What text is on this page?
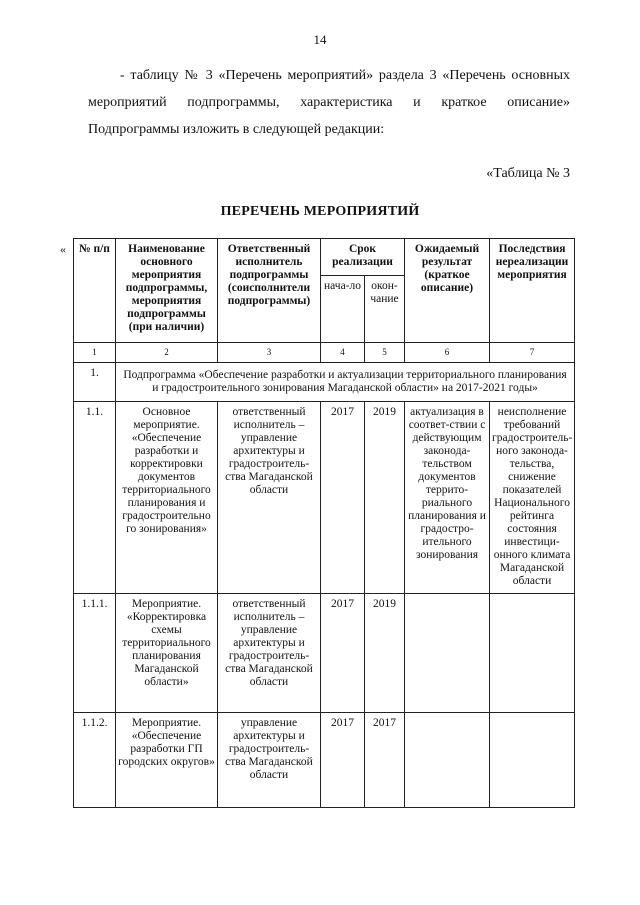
14
- таблицу № 3 «Перечень мероприятий» раздела 3 «Перечень основных мероприятий подпрограммы, характеристика и краткое описание» Подпрограммы изложить в следующей редакции:
«Таблица № 3
ПЕРЕЧЕНЬ МЕРОПРИЯТИЙ
« № п/п	Наименование основного мероприятия подпрограммы, мероприятия подпрограммы (при наличии)	Ответственный исполнитель подпрограммы (соисполнители подпрограммы)	Срок реализации		Ожидаемый результат (краткое описание)	Последствия нереализации мероприятия
			нача-ло	окон-чание		
1	2	3	4	5	6	7
1.	Подпрограмма «Обеспечение разработки и актуализации территориального планирования и градостроительного зонирования Магаданской области» на 2017-2021 годы»					
1.1.	Основное мероприятие. «Обеспечение разработки и корректировки документов территориального планирования и градостроительно го зонирования»	ответственный исполнитель – управление архитектуры и градостроитель-ства Магаданской области	2017	2019	актуализация в соответ-ствии с действующим законода-тельством документов террито-риального планирования и градостро-ительного зонирования	неисполнение требований градостроитель-ного законода-тельства, снижение показателей Национального рейтинга состояния инвестици-онного климата Магаданской области
1.1.1.	Мероприятие. «Корректировка схемы территориального планирования Магаданской области»	ответственный исполнитель – управление архитектуры и градостроитель-ства Магаданской области	2017	2019		
1.1.2.	Мероприятие. «Обеспечение разработки ГП городских округов»	управление архитектуры и градостроитель-ства Магаданской области	2017	2017		
